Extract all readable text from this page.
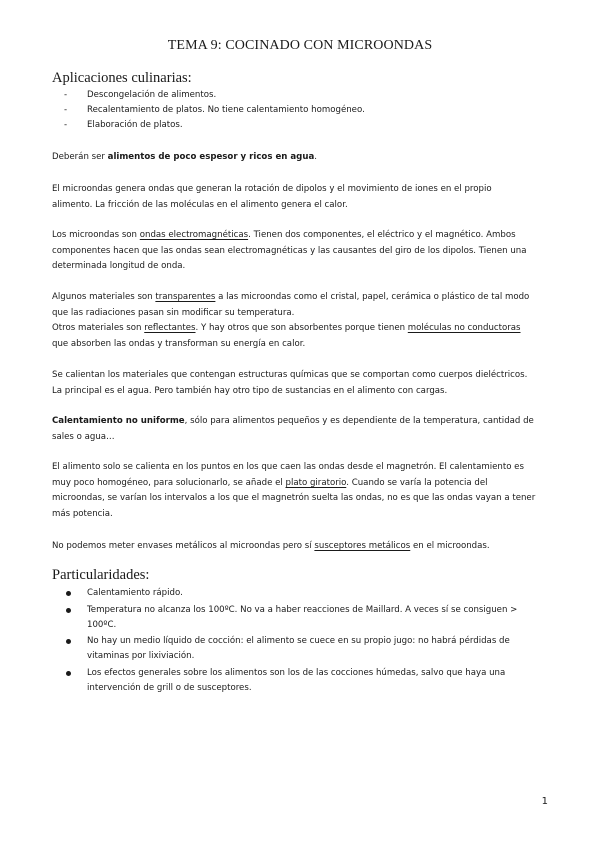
TEMA 9: COCINADO CON MICROONDAS
Aplicaciones culinarias:
- Descongelación de alimentos.
- Recalentamiento de platos. No tiene calentamiento homogéneo.
- Elaboración de platos.

Deberán ser alimentos de poco espesor y ricos en agua.

El microondas genera ondas que generan la rotación de dipolos y el movimiento de iones en el propio
alimento. La fricción de las moléculas en el alimento genera el calor.

Los microondas son ondas electromagnéticas. Tienen dos componentes, el eléctrico y el magnético. Ambos
componentes hacen que las ondas sean electromagnéticas y las causantes del giro de los dipolos. Tienen una
determinada longitud de onda.

Algunos materiales son transparentes a las microondas como el cristal, papel, cerámica o plástico de tal modo
que las radiaciones pasan sin modificar su temperatura.
Otros materiales son reflectantes. Y hay otros que son absorbentes porque tienen moléculas no conductoras
que absorben las ondas y transforman su energía en calor.

Se calientan los materiales que contengan estructuras químicas que se comportan como cuerpos dieléctricos.
La principal es el agua. Pero también hay otro tipo de sustancias en el alimento con cargas.

Calentamiento no uniforme, sólo para alimentos pequeños y es dependiente de la temperatura, cantidad de
sales o agua…

El alimento solo se calienta en los puntos en los que caen las ondas desde el magnetrón. El calentamiento es
muy poco homogéneo, para solucionarlo, se añade el plato giratorio. Cuando se varía la potencia del
microondas, se varían los intervalos a los que el magnetrón suelta las ondas, no es que las ondas vayan a tener
más potencia.

No podemos meter envases metálicos al microondas pero sí susceptores metálicos en el microondas.

Particularidades:
Calentamiento rápido.
Temperatura no alcanza los 100ºC. No va a haber reacciones de Maillard. A veces sí se consiguen >
100ºC.
No hay un medio líquido de cocción: el alimento se cuece en su propio jugo: no habrá pérdidas de
vitaminas por lixiviación.
Los efectos generales sobre los alimentos son los de las cocciones húmedas, salvo que haya una
intervención de grill o de susceptores.
1
